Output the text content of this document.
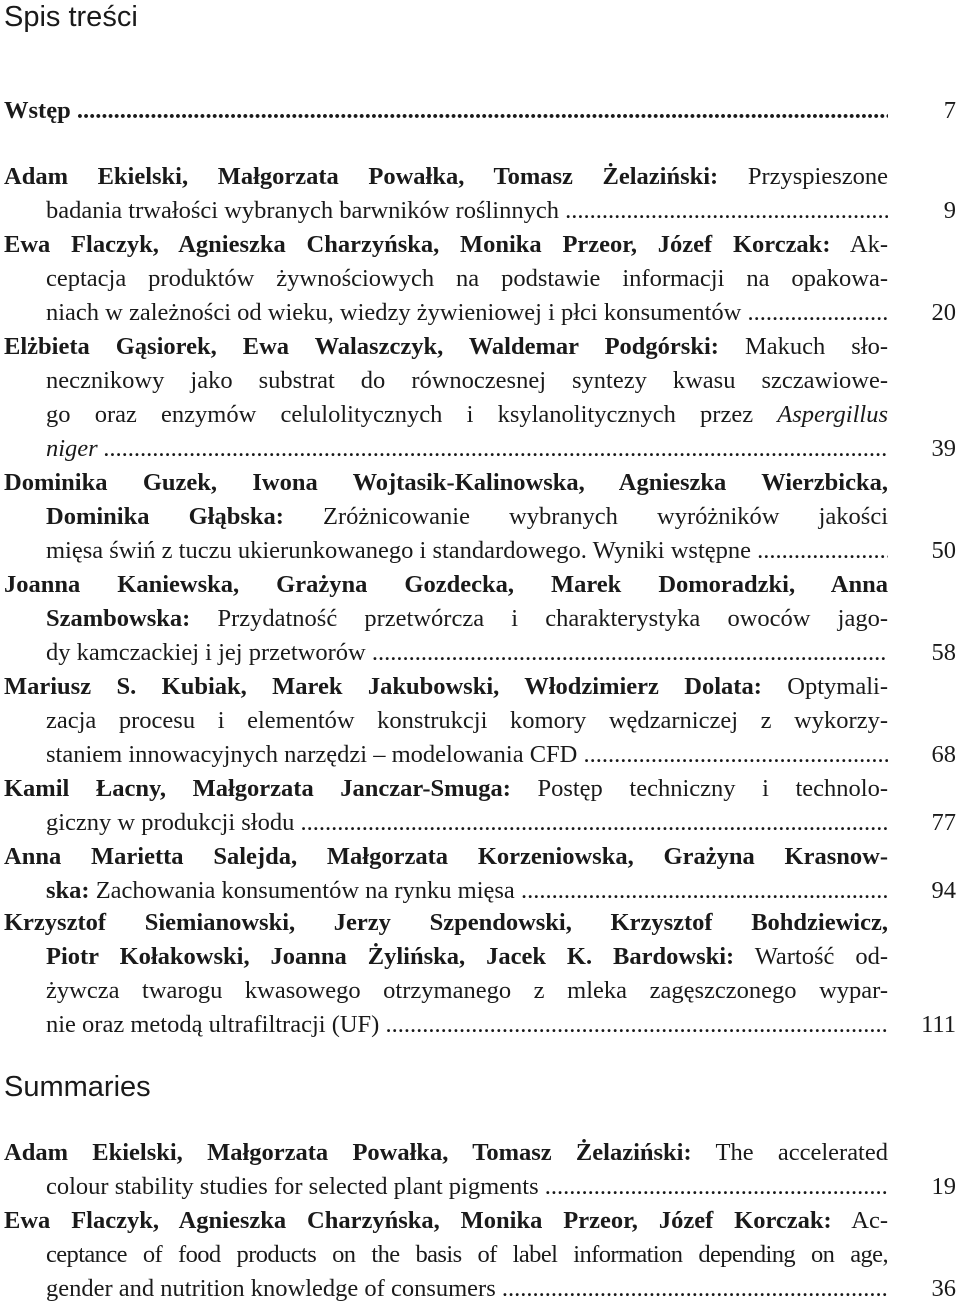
Spis treści
Wstęp .....	7
Adam Ekielski, Małgorzata Powałka, Tomasz Żelaziński: Przyspieszone
badania trwałości wybranych barwników roślinnych .....	9
Ewa Flaczyk, Agnieszka Charzyńska, Monika Przeor, Józef Korczak: Ak-
ceptacja produktów żywnościowych na podstawie informacji na opakowa-
niach w zależności od wieku, wiedzy żywieniowej i płci konsumentów .....	20
Elżbieta Gąsiorek, Ewa Walaszczyk, Waldemar Podgórski: Makuch sło-
necznikowy jako substrat do równoczesnej syntezy kwasu szczawiowe-
go oraz enzymów celulolitycznych i ksylanolitycznych przez Aspergillus
niger .....	39
Dominika Guzek, Iwona Wojtasik-Kalinowska, Agnieszka Wierzbicka,
Dominika Głąbska: Zróżnicowanie wybranych wyróżników jakości
mięsa świń z tuczu ukierunkowanego i standardowego. Wyniki wstępne .....	50
Joanna Kaniewska, Grażyna Gozdecka, Marek Domoradzki, Anna
Szambowska: Przydatność przetwórcza i charakterystyka owoców jago-
dy kamczackiej i jej przetworów .....	58
Mariusz S. Kubiak, Marek Jakubowski, Włodzimierz Dolata: Optymali-
zacja procesu i elementów konstrukcji komory wędzarniczej z wykorzy-
staniem innowacyjnych narzędzi – modelowania CFD .....	68
Kamil Łacny, Małgorzata Janczar-Smuga: Postęp techniczny i technolo-
giczny w produkcji słodu .....	77
Anna Marietta Salejda, Małgorzata Korzeniowska, Grażyna Krasnow-
ska: Zachowania konsumentów na rynku mięsa .....	94
Krzysztof Siemianowski, Jerzy Szpendowski, Krzysztof Bohdziewicz,
Piotr Kołakowski, Joanna Żylińska, Jacek K. Bardowski: Wartość od-
żywcza twarogu kwasowego otrzymanego z mleka zagęszczonego wypar-
nie oraz metodą ultrafiltracji (UF) .....	111
Summaries
Adam Ekielski, Małgorzata Powałka, Tomasz Żelaziński: The accelerated
colour stability studies for selected plant pigments .....	19
Ewa Flaczyk, Agnieszka Charzyńska, Monika Przeor, Józef Korczak: Ac-
ceptance of food products on the basis of label information depending on age,
gender and nutrition knowledge of consumers .....	36
